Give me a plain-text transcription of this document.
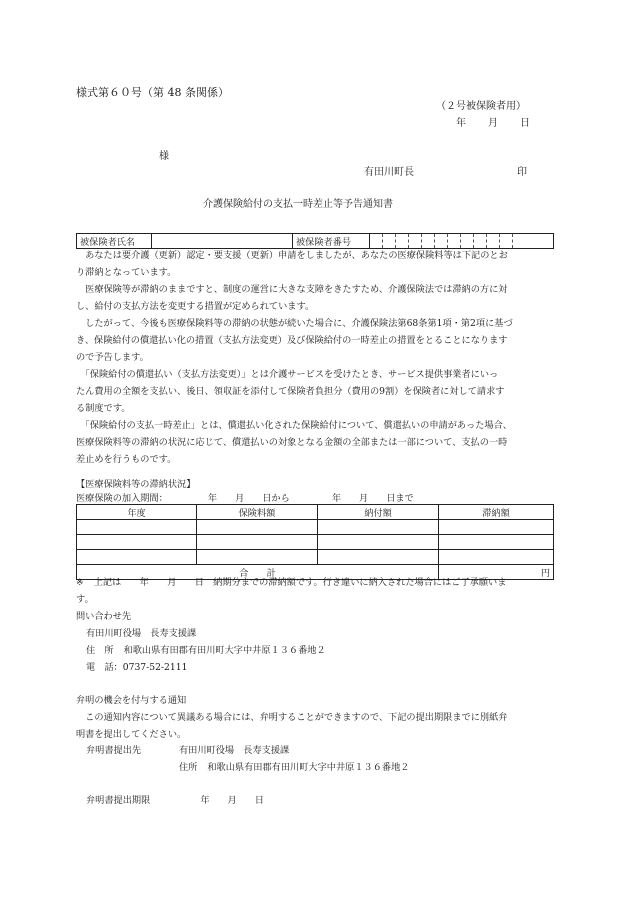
様式第６０号（第 48 条関係）
（２号被保険者用）
年 月 日
様
有田川町長	印
介護保険給付の支払一時差止等予告通知書
被保険者氏名		被保険者番号	
　あなたは要介護（更新）認定・要支援（更新）申請をしましたが、あなたの医療保険料等は下記のとお
り滞納となっています。
　医療保険等が滞納のままですと、制度の運営に大きな支障をきたすため、介護保険法では滞納の方に対
し、給付の支払方法を変更する措置が定められています。
　したがって、今後も医療保険料等の滞納の状態が続いた場合に、介護保険法第68条第1項・第2項に基づ
き、保険給付の償還払い化の措置（支払方法変更）及び保険給付の一時差止の措置をとることになります
ので予告します。
　「保険給付の償還払い（支払方法変更）」とは介護サービスを受けたとき、サービス提供事業者にいっ
たん費用の全額を支払い、後日、領収証を添付して保険者負担分（費用の9割）を保険者に対して請求す
る制度です。
　「保険給付の支払一時差止」とは、償還払い化された保険給付について、償還払いの申請があった場合、
医療保険料等の滞納の状況に応じて、償還払いの対象となる金額の全部または一部について、支払の一時
差止めを行うものです。
【医療保険料等の滞納状況】
医療保険の加入期間：	年 月 日から	年 月 日まで
年度	保険料額	納付額	滞納額

合　　計			円
※ 上記は　　年　　月　　日　納期分までの滞納額です。行き違いに納入された場合にはご了承願いま
す。
問い合わせ先
有田川町役場　長寿支援課
住　所 和歌山県有田郡有田川町大字中井原１３６番地２
電　話：0737-52-2111
弁明の機会を付与する通知
　この通知内容について異議ある場合には、弁明することができますので、下記の提出期限までに別紙弁
明書を提出してください。
弁明書提出先	有田川町役場　長寿支援課
住所 和歌山県有田郡有田川町大字中井原１３６番地２
弁明書提出期限	年 月 日
